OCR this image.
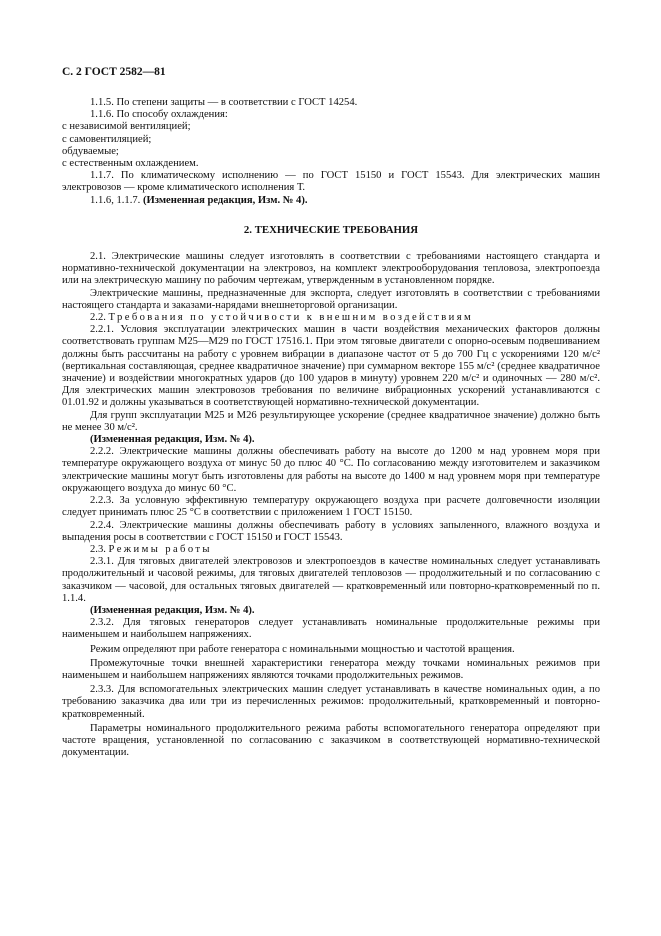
С. 2 ГОСТ 2582—81

1.1.5. По степени защиты — в соответствии с ГОСТ 14254.

1.1.6. По способу охлаждения:

с независимой вентиляцией;

с самовентиляцией;

обдуваемые;

с естественным охлаждением.

1.1.7. По климатическому исполнению — по ГОСТ 15150 и ГОСТ 15543. Для электрических машин электровозов — кроме климатического исполнения Т.

1.1.6, 1.1.7. (Измененная редакция, Изм. № 4).

2. ТЕХНИЧЕСКИЕ ТРЕБОВАНИЯ

2.1. Электрические машины следует изготовлять в соответствии с требованиями настоящего стандарта и нормативно-технической документации на электровоз, на комплект электрооборудования тепловоза, электропоезда или на электрическую машину по рабочим чертежам, утвержденным в установленном порядке.

Электрические машины, предназначенные для экспорта, следует изготовлять в соответствии с требованиями настоящего стандарта и заказами-нарядами внешнеторговой организации.

2.2. Требования по устойчивости к внешним воздействиям

2.2.1. Условия эксплуатации электрических машин в части воздействия механических факторов должны соответствовать группам М25—М29 по ГОСТ 17516.1. При этом тяговые двигатели с опорно-осевым подвешиванием должны быть рассчитаны на работу с уровнем вибрации в диапазоне частот от 5 до 700 Гц с ускорениями 120 м/с² (вертикальная составляющая, среднее квадратичное значение) при суммарном векторе 155 м/с² (среднее квадратичное значение) и воздействии многократных ударов (до 100 ударов в минуту) уровнем 220 м/с² и одиночных — 280 м/с². Для электрических машин электровозов требования по величине вибрационных ускорений устанавливаются с 01.01.92 и должны указываться в соответствующей нормативно-технической документации.

Для групп эксплуатации М25 и М26 результирующее ускорение (среднее квадратичное значение) должно быть не менее 30 м/с².

(Измененная редакция, Изм. № 4).

2.2.2. Электрические машины должны обеспечивать работу на высоте до 1200 м над уровнем моря при температуре окружающего воздуха от минус 50 до плюс 40 °С. По согласованию между изготовителем и заказчиком электрические машины могут быть изготовлены для работы на высоте до 1400 м над уровнем моря при температуре окружающего воздуха до минус 60 °С.

2.2.3. За условную эффективную температуру окружающего воздуха при расчете долговечности изоляции следует принимать плюс 25 °С в соответствии с приложением 1 ГОСТ 15150.

2.2.4. Электрические машины должны обеспечивать работу в условиях запыленного, влажного воздуха и выпадения росы в соответствии с ГОСТ 15150 и ГОСТ 15543.

2.3. Режимы работы

2.3.1. Для тяговых двигателей электровозов и электропоездов в качестве номинальных следует устанавливать продолжительный и часовой режимы, для тяговых двигателей тепловозов — продолжительный и по согласованию с заказчиком — часовой, для остальных тяговых двигателей — кратковременный или повторно-кратковременный по п. 1.1.4.

(Измененная редакция, Изм. № 4).

2.3.2. Для тяговых генераторов следует устанавливать номинальные продолжительные режимы при наименьшем и наибольшем напряжениях.

Режим определяют при работе генератора с номинальными мощностью и частотой вращения.

Промежуточные точки внешней характеристики генератора между точками номинальных режимов при наименьшем и наибольшем напряжениях являются точками продолжительных режимов.

2.3.3. Для вспомогательных электрических машин следует устанавливать в качестве номинальных один, а по требованию заказчика два или три из перечисленных режимов: продолжительный, кратковременный и повторно-кратковременный.

Параметры номинального продолжительного режима работы вспомогательного генератора определяют при частоте вращения, установленной по согласованию с заказчиком в соответствующей нормативно-технической документации.
